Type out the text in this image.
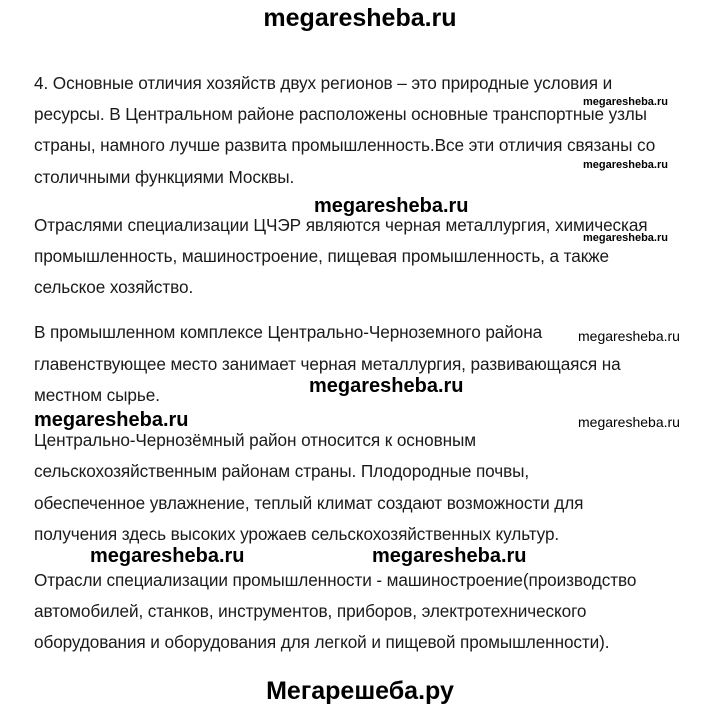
megaresheba.ru
4. Основные отличия хозяйств двух регионов – это природные условия и
ресурсы. В Центральном районе расположены основные транспортные узлы
страны, намного лучше развита промышленность.Все эти отличия связаны со
столичными функциями Москвы.
Отраслями специализации ЦЧЭР являются черная металлургия, химическая
промышленность, машиностроение, пищевая промышленность, а также
сельское хозяйство.
В промышленном комплексе Центрально-Черноземного района
главенствующее место занимает черная металлургия, развивающаяся на
местном сырье.
Центрально-Чернозёмный район относится к основным
сельскохозяйственным районам страны. Плодородные почвы,
обеспеченное увлажнение, теплый климат создают возможности для
получения здесь высоких урожаев сельскохозяйственных культур.
Отрасли специализации промышленности - машиностроение(производство
автомобилей, станков, инструментов, приборов, электротехнического
оборудования и оборудования для легкой и пищевой промышленности).
megaresheba.ru
megaresheba.ru
megaresheba.ru
megaresheba.ru
megaresheba.ru
megaresheba.ru
megaresheba.ru	megaresheba.ru
megaresheba.ru	megaresheba.ru
Мегарешеба.ру
